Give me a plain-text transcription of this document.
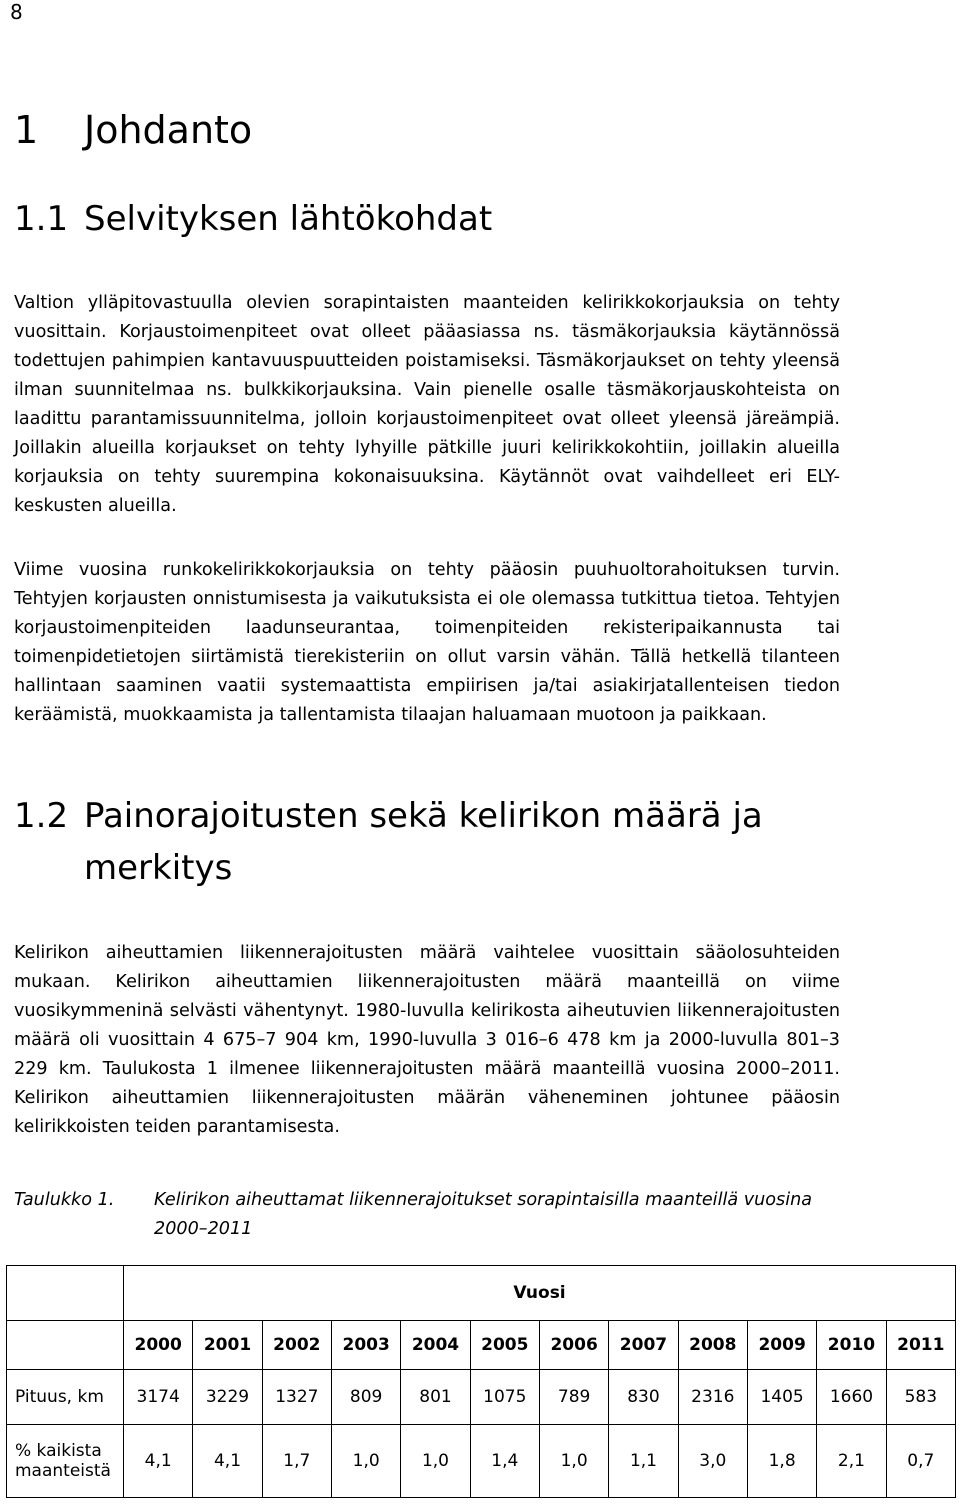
8
1 Johdanto
1.1 Selvityksen lähtökohdat

Valtion ylläpitovastuulla olevien sorapintaisten maanteiden kelirikkokorjauksia on tehty vuosittain. Korjaustoimenpiteet ovat olleet pääasiassa ns. täsmäkorjauksia käytännössä todettujen pahimpien kantavuuspuutteiden poistamiseksi. Täsmäkorjaukset on tehty yleensä ilman suunnitelmaa ns. bulkkikorjauksina. Vain pienelle osalle täsmäkorjauskohteista on laadittu parantamissuunnitelma, jolloin korjaustoimenpiteet ovat olleet yleensä järeämpiä. Joillakin alueilla korjaukset on tehty lyhyille pätkille juuri kelirikkokohtiin, joillakin alueilla korjauksia on tehty suurempina kokonaisuuksina. Käytännöt ovat vaihdelleet eri ELY-keskusten alueilla.

Viime vuosina runkokelirikkokorjauksia on tehty pääosin puuhuoltorahoituksen turvin. Tehtyjen korjausten onnistumisesta ja vaikutuksista ei ole olemassa tutkittua tietoa. Tehtyjen korjaustoimenpiteiden laadunseurantaa, toimenpiteiden rekisteripaikannusta tai toimenpidetietojen siirtämistä tierekisteriin on ollut varsin vähän. Tällä hetkellä tilanteen hallintaan saaminen vaatii systemaattista empiirisen ja/tai asiakirjatallenteisen tiedon keräämistä, muokkaamista ja tallentamista tilaajan haluamaan muotoon ja paikkaan.

1.2 Painorajoitusten sekä kelirikon määrä ja
merkitys

Kelirikon aiheuttamien liikennerajoitusten määrä vaihtelee vuosittain sääolosuhteiden mukaan. Kelirikon aiheuttamien liikennerajoitusten määrä maanteillä on viime vuosikymmeninä selvästi vähentynyt. 1980-luvulla kelirikosta aiheutuvien liikennerajoitusten määrä oli vuosittain 4 675–7 904 km, 1990-luvulla 3 016–6 478 km ja 2000-luvulla 801–3 229 km. Taulukosta 1 ilmenee liikennerajoitusten määrä maanteillä vuosina 2000–2011. Kelirikon aiheuttamien liikennerajoitusten määrän väheneminen johtunee pääosin kelirikkoisten teiden parantamisesta.

Taulukko 1. Kelirikon aiheuttamat liikennerajoitukset sorapintaisilla maanteillä vuosina 2000–2011
	Vuosi											
	2000	2001	2002	2003	2004	2005	2006	2007	2008	2009	2010	2011
Pituus, km	3174	3229	1327	809	801	1075	789	830	2316	1405	1660	583
% kaikista maanteistä	4,1	4,1	1,7	1,0	1,0	1,4	1,0	1,1	3,0	1,8	2,1	0,7
